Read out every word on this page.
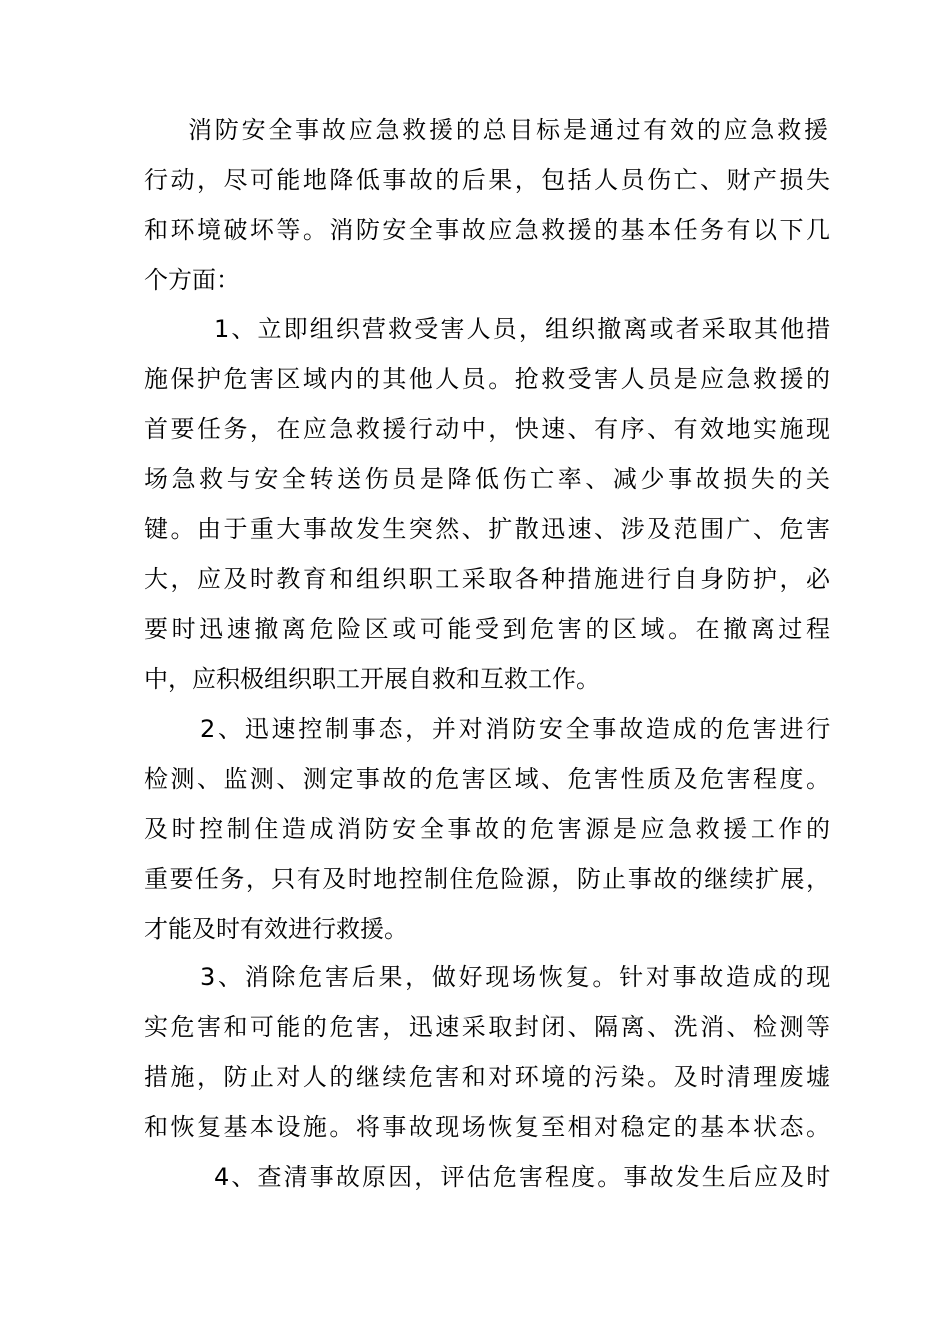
消防安全事故应急救援的总目标是通过有效的应急救援
行动，尽可能地降低事故的后果，包括人员伤亡、财产损失
和环境破坏等。消防安全事故应急救援的基本任务有以下几
个方面：
1、立即组织营救受害人员，组织撤离或者采取其他措
施保护危害区域内的其他人员。抢救受害人员是应急救援的
首要任务，在应急救援行动中，快速、有序、有效地实施现
场急救与安全转送伤员是降低伤亡率、减少事故损失的关
键。由于重大事故发生突然、扩散迅速、涉及范围广、危害
大，应及时教育和组织职工采取各种措施进行自身防护，必
要时迅速撤离危险区或可能受到危害的区域。在撤离过程
中，应积极组织职工开展自救和互救工作。
2、迅速控制事态，并对消防安全事故造成的危害进行
检测、监测、测定事故的危害区域、危害性质及危害程度。
及时控制住造成消防安全事故的危害源是应急救援工作的
重要任务，只有及时地控制住危险源，防止事故的继续扩展，
才能及时有效进行救援。
3、消除危害后果，做好现场恢复。针对事故造成的现
实危害和可能的危害，迅速采取封闭、隔离、洗消、检测等
措施，防止对人的继续危害和对环境的污染。及时清理废墟
和恢复基本设施。将事故现场恢复至相对稳定的基本状态。
4、查清事故原因，评估危害程度。事故发生后应及时
